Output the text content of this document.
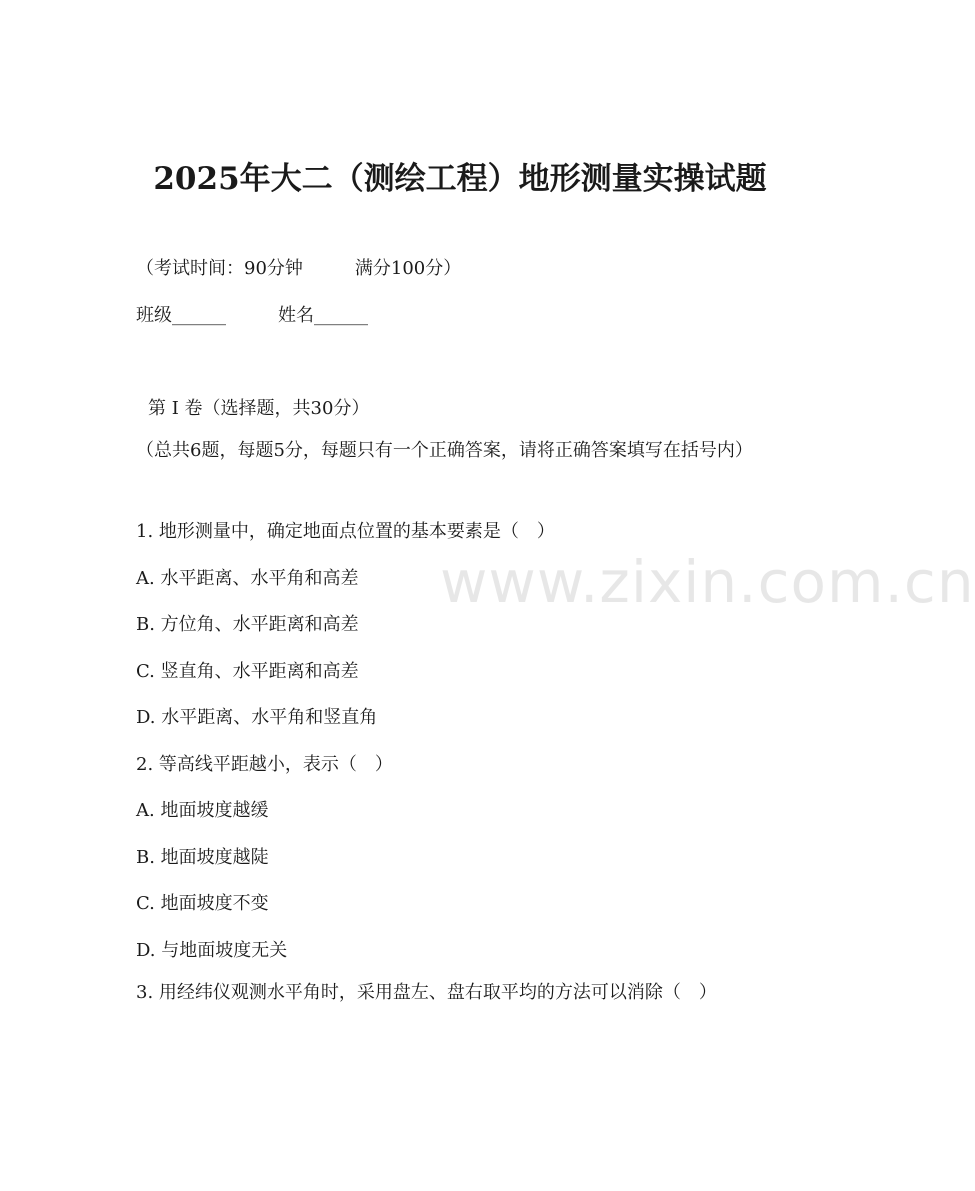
2025年大二（测绘工程）地形测量实操试题
（考试时间：90分钟	满分100分）
班级______	姓名______
第 I 卷（选择题，共30分）
（总共6题，每题5分，每题只有一个正确答案，请将正确答案填写在括号内）
1. 地形测量中，确定地面点位置的基本要素是（　）
A. 水平距离、水平角和高差
B. 方位角、水平距离和高差
C. 竖直角、水平距离和高差
D. 水平距离、水平角和竖直角
2. 等高线平距越小，表示（　）
A. 地面坡度越缓
B. 地面坡度越陡
C. 地面坡度不变
D. 与地面坡度无关
3. 用经纬仪观测水平角时，采用盘左、盘右取平均的方法可以消除（　）
www.zixin.com.cn
